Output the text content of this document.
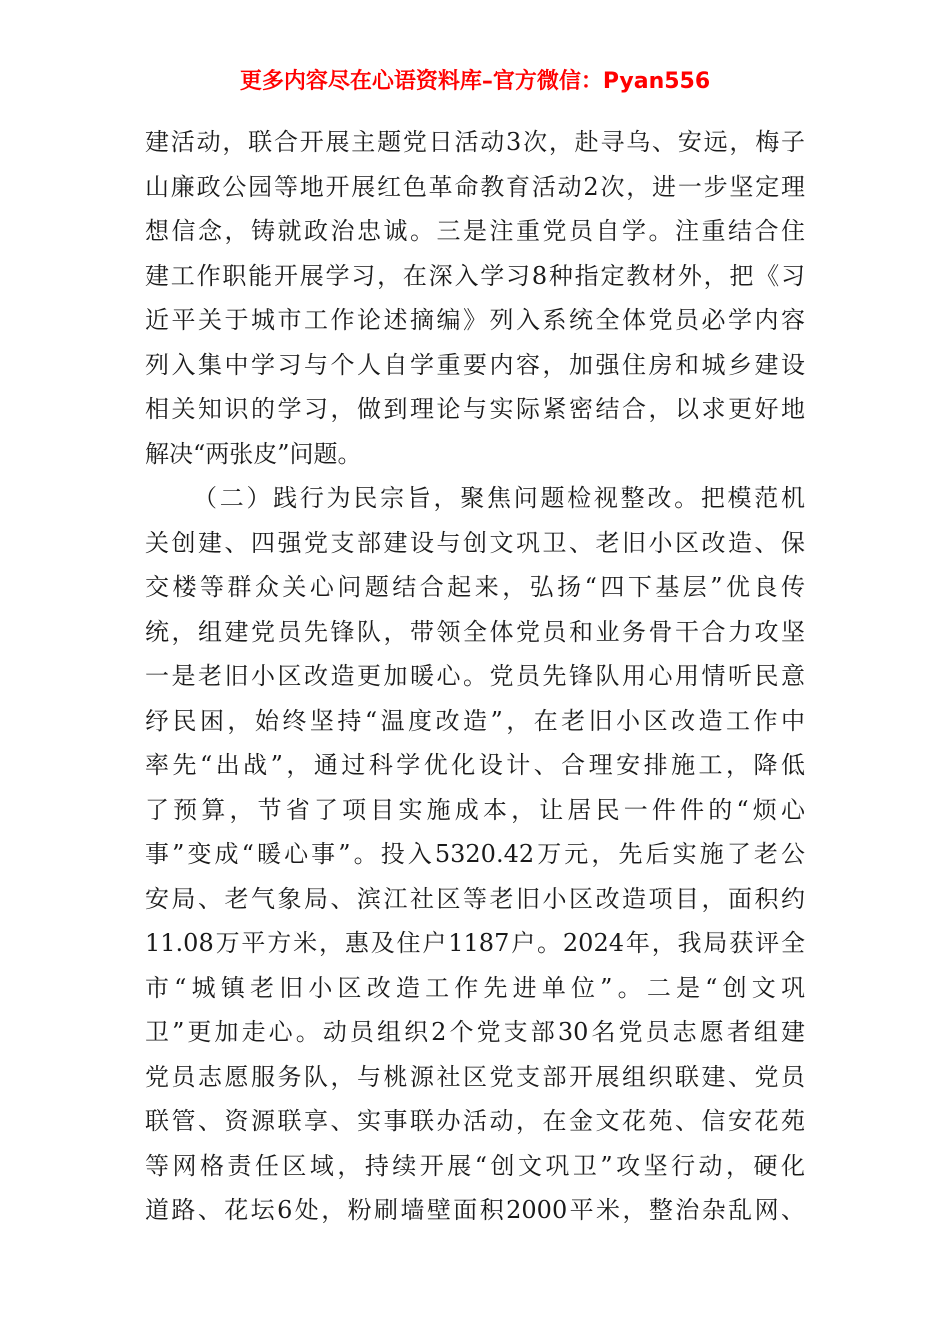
更多内容尽在心语资料库–官方微信：Pyan556
建活动，联合开展主题党日活动3次，赴寻乌、安远，梅子
山廉政公园等地开展红色革命教育活动2次，进一步坚定理
想信念，铸就政治忠诚。三是注重党员自学。注重结合住
建工作职能开展学习，在深入学习8种指定教材外，把《习
近平关于城市工作论述摘编》列入系统全体党员必学内容
列入集中学习与个人自学重要内容，加强住房和城乡建设
相关知识的学习，做到理论与实际紧密结合，以求更好地
解决“两张皮”问题。
（二）践行为民宗旨，聚焦问题检视整改。把模范机
关创建、四强党支部建设与创文巩卫、老旧小区改造、保
交楼等群众关心问题结合起来，弘扬“四下基层”优良传
统，组建党员先锋队，带领全体党员和业务骨干合力攻坚
一是老旧小区改造更加暖心。党员先锋队用心用情听民意
纾民困，始终坚持“温度改造”，在老旧小区改造工作中
率先“出战”，通过科学优化设计、合理安排施工，降低
了预算，节省了项目实施成本，让居民一件件的“烦心
事”变成“暖心事”。投入5320.42万元，先后实施了老公
安局、老气象局、滨江社区等老旧小区改造项目，面积约
11.08万平方米，惠及住户1187户。2024年，我局获评全
市“城镇老旧小区改造工作先进单位”。二是“创文巩
卫”更加走心。动员组织2个党支部30名党员志愿者组建
党员志愿服务队，与桃源社区党支部开展组织联建、党员
联管、资源联享、实事联办活动，在金文花苑、信安花苑
等网格责任区域，持续开展“创文巩卫”攻坚行动，硬化
道路、花坛6处，粉刷墙壁面积2000平米，整治杂乱网、
